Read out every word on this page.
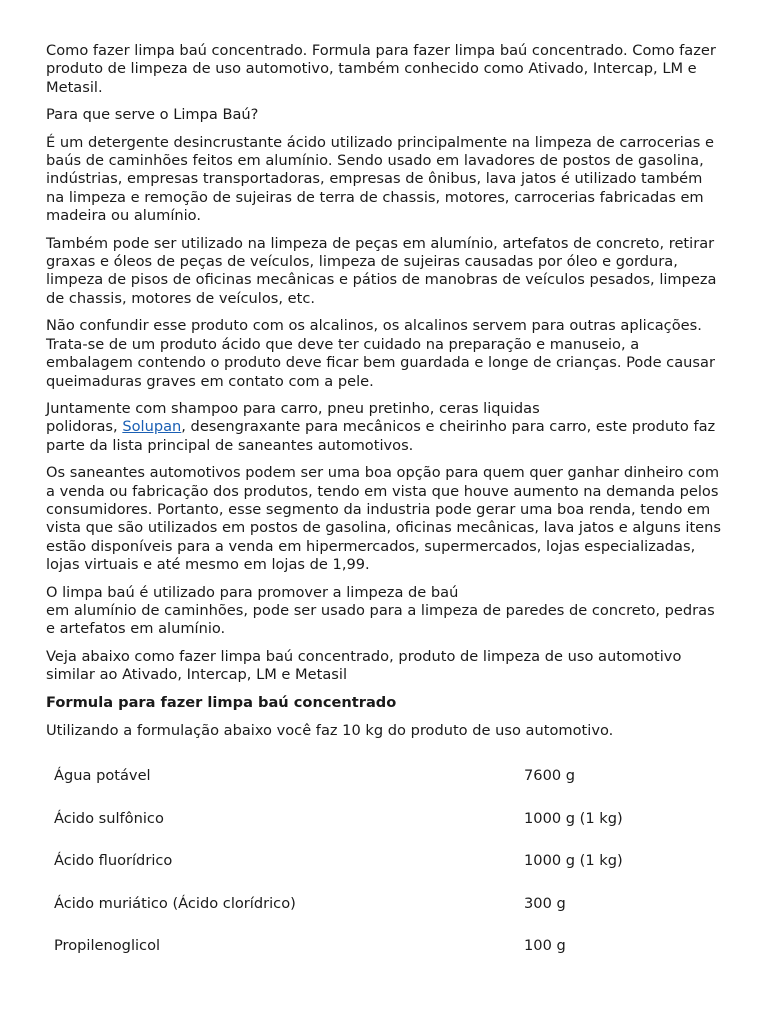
Como fazer limpa baú concentrado. Formula para fazer limpa baú concentrado. Como fazer produto de limpeza de uso automotivo, também conhecido como Ativado, Intercap, LM e Metasil.

Para que serve o Limpa Baú?

É um detergente desincrustante ácido utilizado principalmente na limpeza de carrocerias e baús de caminhões feitos em alumínio. Sendo usado em lavadores de postos de gasolina, indústrias, empresas transportadoras, empresas de ônibus, lava jatos é utilizado também na limpeza e remoção de sujeiras de terra de chassis, motores, carrocerias fabricadas em madeira ou alumínio.

Também pode ser utilizado na limpeza de peças em alumínio, artefatos de concreto, retirar graxas e óleos de peças de veículos, limpeza de sujeiras causadas por óleo e gordura, limpeza de pisos de oficinas mecânicas e pátios de manobras de veículos pesados, limpeza de chassis, motores de veículos, etc.

Não confundir esse produto com os alcalinos, os alcalinos servem para outras aplicações. Trata-se de um produto ácido que deve ter cuidado na preparação e manuseio, a embalagem contendo o produto deve ficar bem guardada e longe de crianças. Pode causar queimaduras graves em contato com a pele.

Juntamente com shampoo para carro, pneu pretinho, ceras liquidas
polidoras, Solupan, desengraxante para mecânicos e cheirinho para carro, este produto faz parte da lista principal de saneantes automotivos.

Os saneantes automotivos podem ser uma boa opção para quem quer ganhar dinheiro com a venda ou fabricação dos produtos, tendo em vista que houve aumento na demanda pelos consumidores. Portanto, esse segmento da industria pode gerar uma boa renda, tendo em vista que são utilizados em postos de gasolina, oficinas mecânicas, lava jatos e alguns itens estão disponíveis para a venda em hipermercados, supermercados, lojas especializadas, lojas virtuais e até mesmo em lojas de 1,99.

O limpa baú é utilizado para promover a limpeza de baú
em alumínio de caminhões, pode ser usado para a limpeza de paredes de concreto, pedras e artefatos em alumínio.

Veja abaixo como fazer limpa baú concentrado, produto de limpeza de uso automotivo similar ao Ativado, Intercap, LM e Metasil

Formula para fazer limpa baú concentrado

Utilizando a formulação abaixo você faz 10 kg do produto de uso automotivo.

Água potável	7600 g
Ácido sulfônico	1000 g (1 kg)
Ácido fluorídrico	1000 g (1 kg)
Ácido muriático (Ácido clorídrico)	300 g
Propilenoglicol	100 g
